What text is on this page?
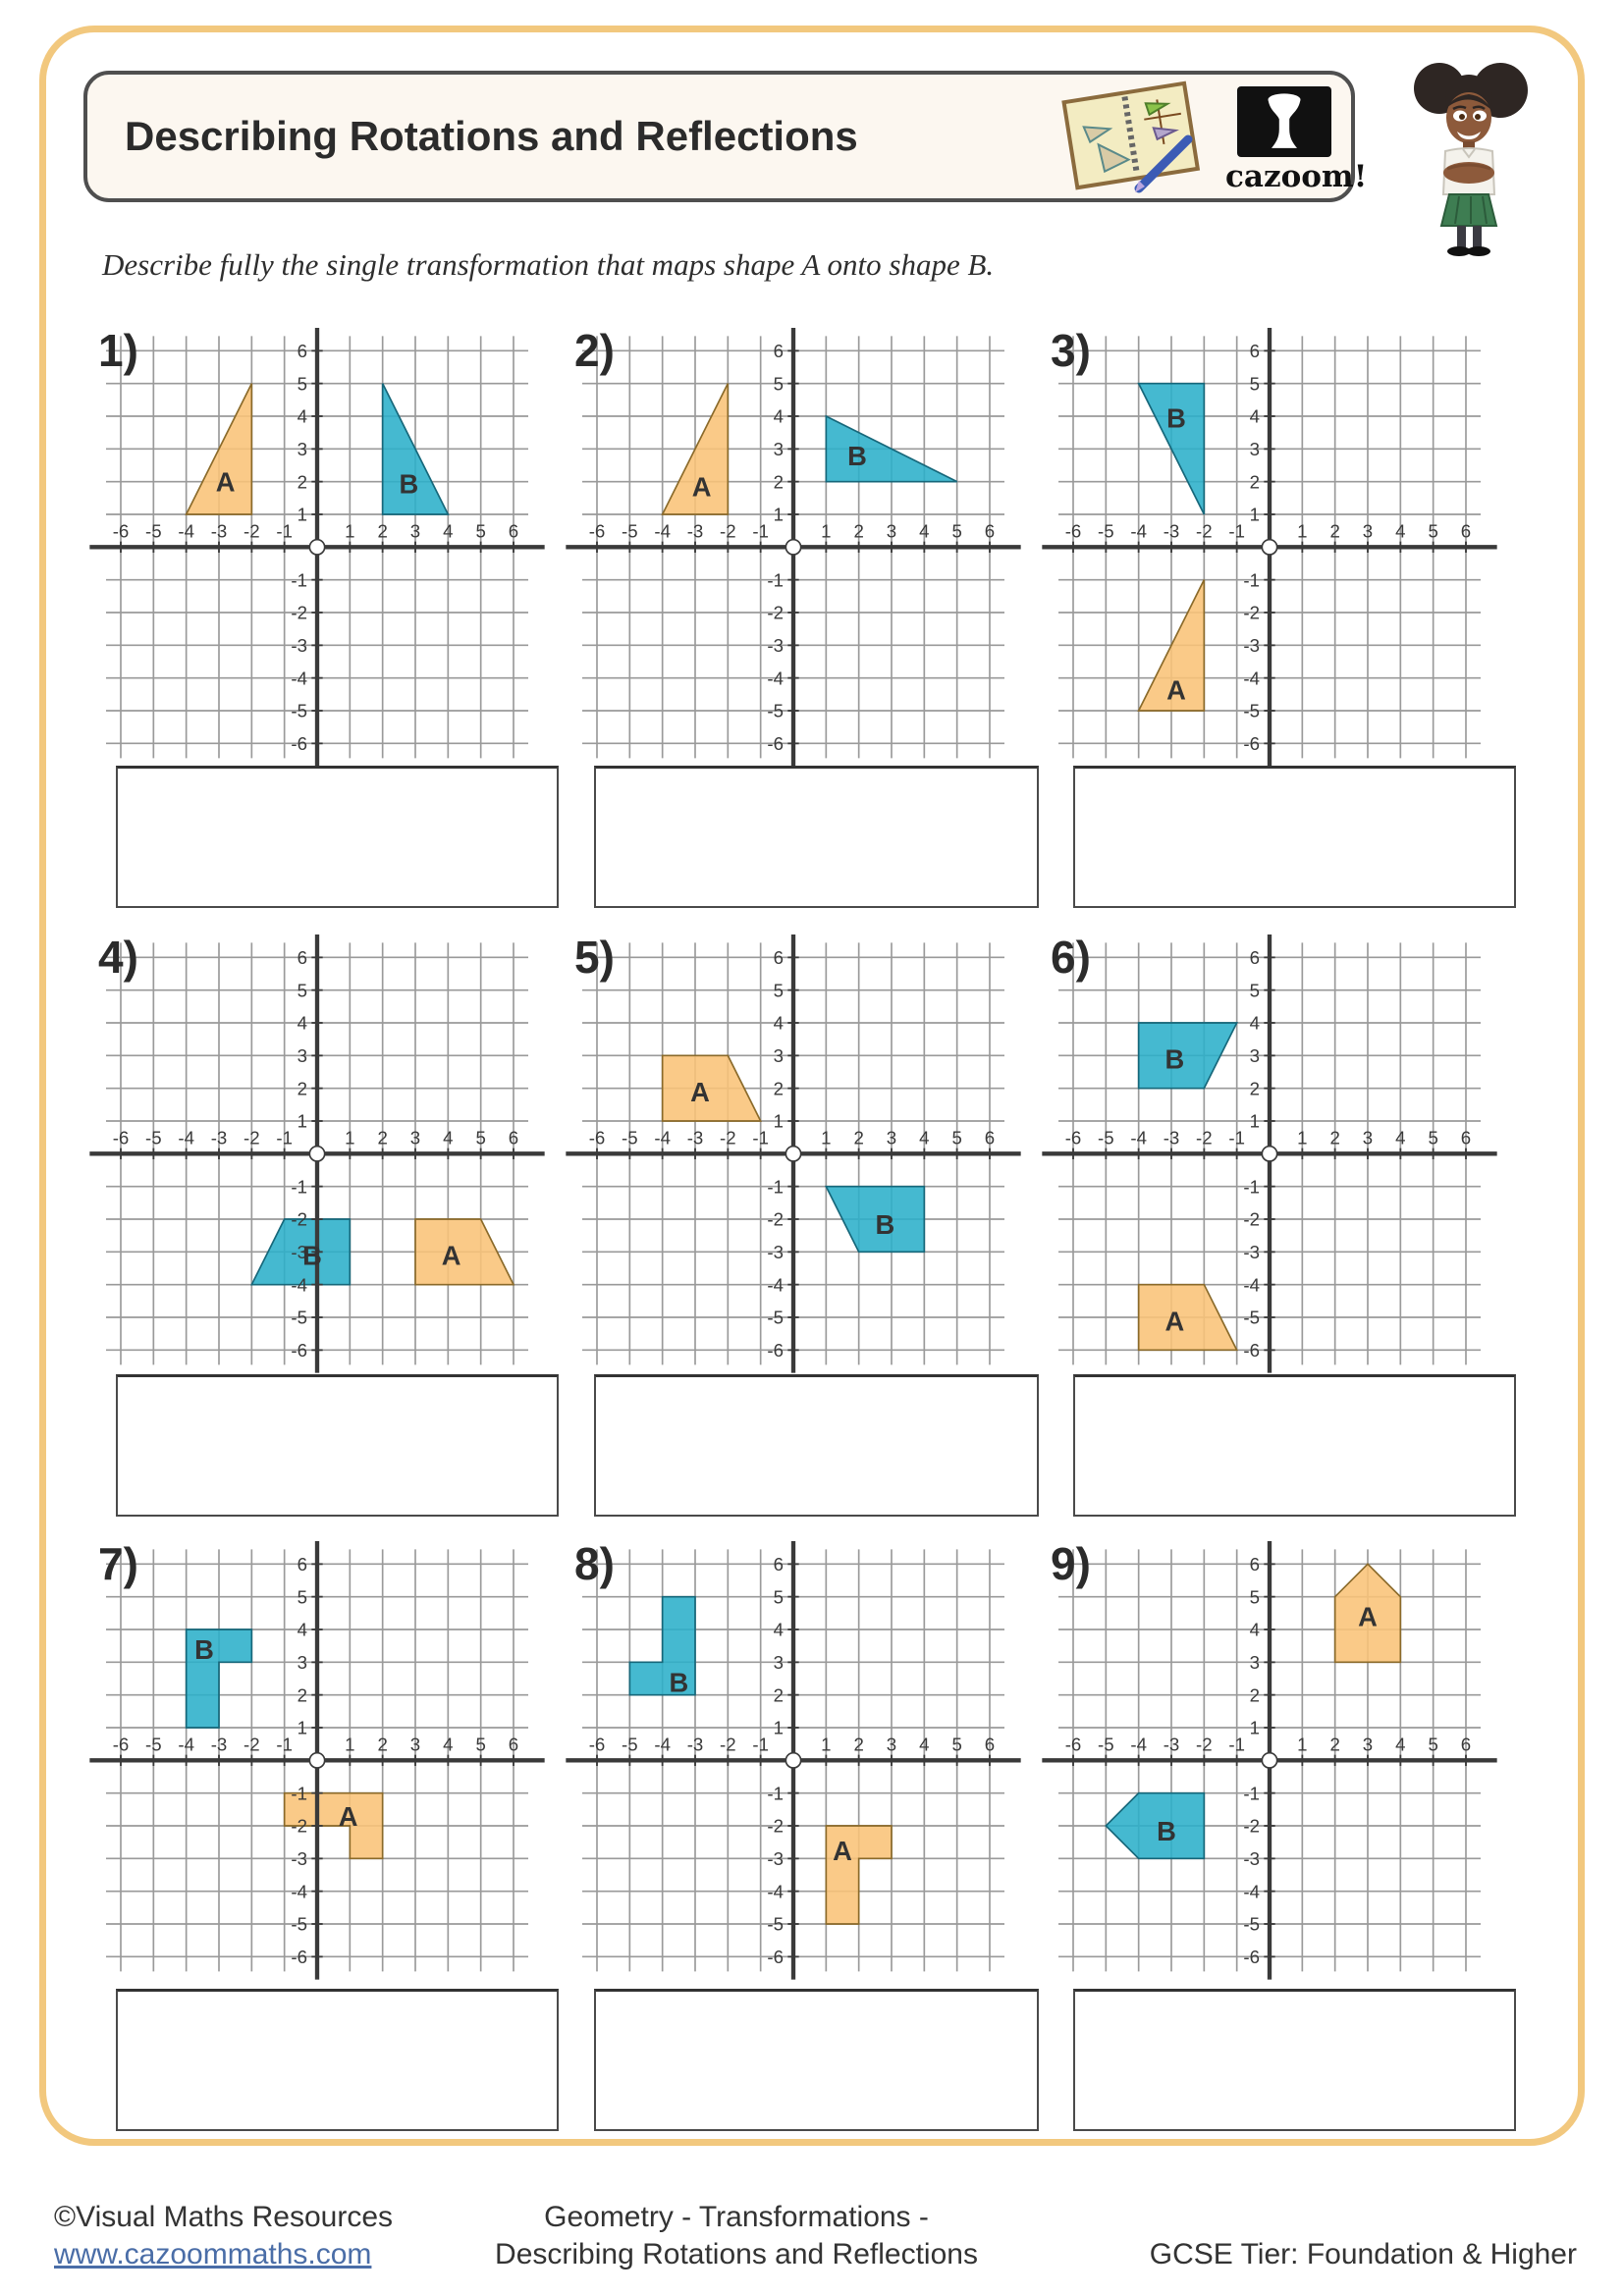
Describing Rotations and Reflections
cazoom!

Describe fully the single transformation that maps shape A onto shape B.

1)	2)	3)
4)	5)	6)
7)	8)	9)
©Visual Maths Resources
www.cazoommaths.com
Geometry - Transformations -
Describing Rotations and Reflections	GCSE Tier: Foundation & Higher
